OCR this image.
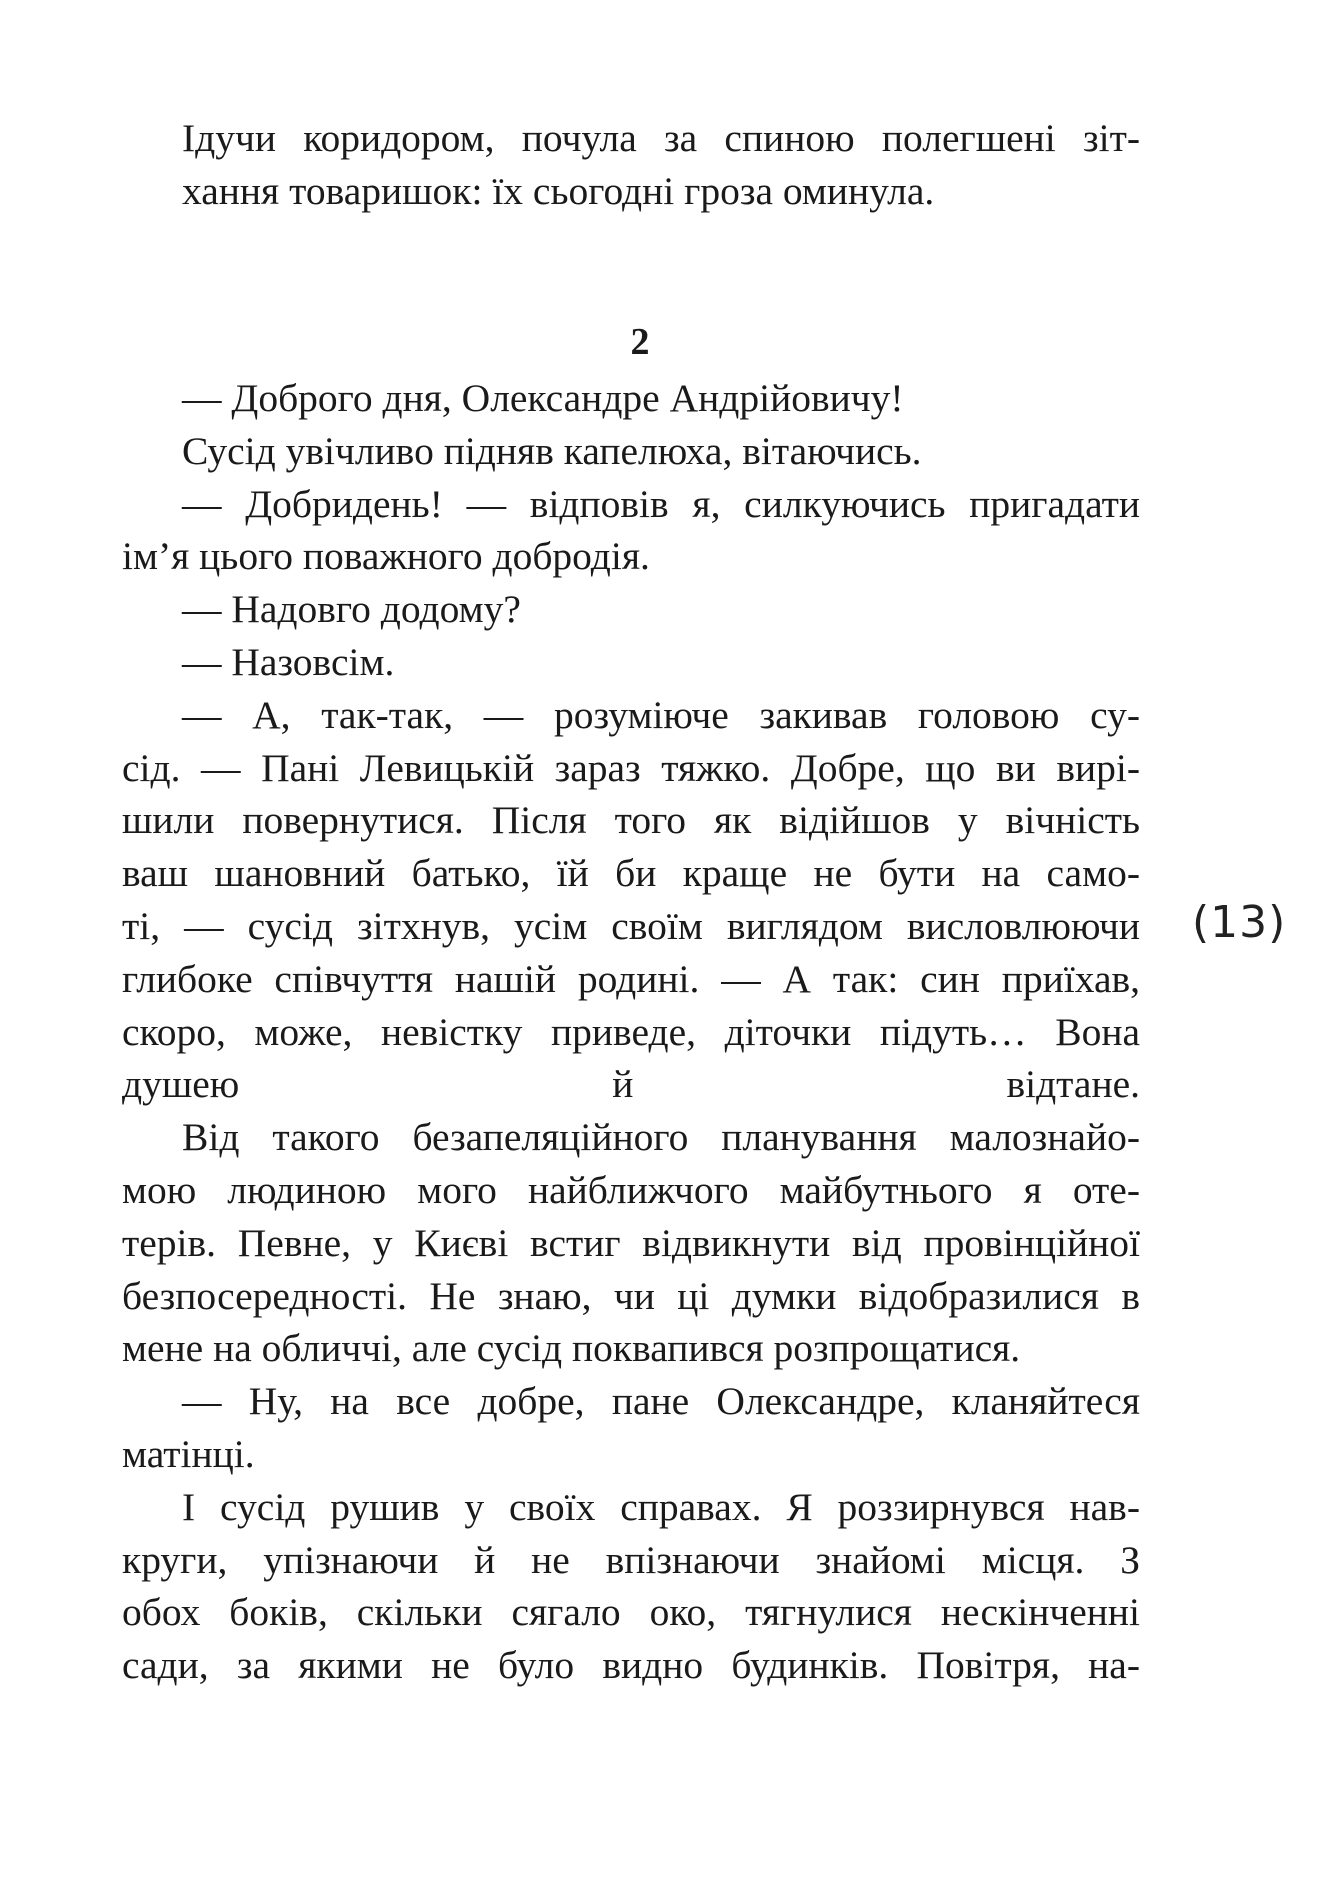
Ідучи коридором, почула за спиною полегшені зіт-
хання товаришок: їх сьогодні гроза оминула.

2

— Доброго дня, Олександре Андрійовичу!

Сусід увічливо підняв капелюха, вітаючись.

— Добридень! — відповів я, силкуючись пригадати

ім’я цього поважного добродія.

— Надовго додому?

— Назовсім.

— А, так-так, — розуміюче закивав головою су-

сід. — Пані Левицькій зараз тяжко. Добре, що ви вирі-
шили повернутися. Після того як відійшов у вічність
ваш шановний батько, їй би краще не бути на само-
ті, — сусід зітхнув, усім своїм виглядом висловлюючи
глибоке співчуття нашій родині. — А так: син приїхав,
скоро, може, невістку приведе, діточки підуть… Вона
душею й відтане.

Від такого безапеляційного планування малознайо-

мою людиною мого найближчого майбутнього я оте-
терів. Певне, у Києві встиг відвикнути від провінційної
безпосередності. Не знаю, чи ці думки відобразилися в
мене на обличчі, але сусід поквапився розпрощатися.

— Ну, на все добре, пане Олександре, кланяйтеся

матінці.

І сусід рушив у своїх справах. Я роззирнувся нав-

круги, упізнаючи й не впізнаючи знайомі місця. З
обох боків, скільки сягало око, тягнулися нескінченні
сади, за якими не було видно будинків. Повітря, на-

(13)
